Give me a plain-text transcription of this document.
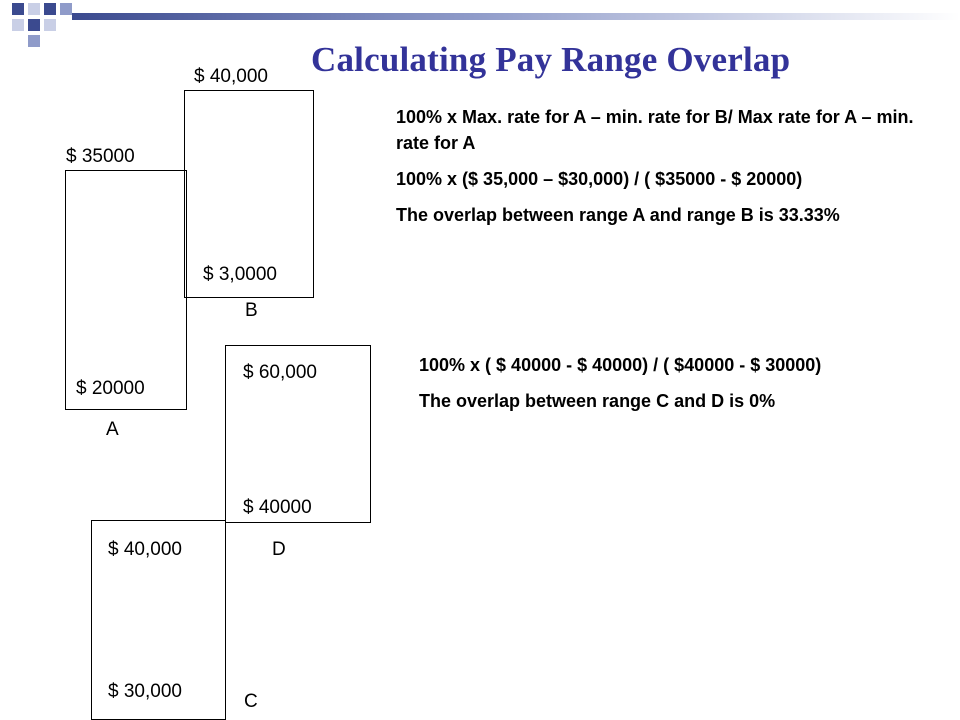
Calculating Pay Range Overlap
$ 40,000
$ 35000
$ 3,0000
B
$ 60,000
$ 20000
A
$ 40000
$ 40,000	D
$ 30,000	C

100% x Max. rate for A – min. rate for B/ Max rate for A – min. rate for A

100% x ($ 35,000 – $30,000) / ( $35000 - $ 20000)

The overlap between range A and range B is 33.33%

100% x ( $ 40000 - $ 40000) / ( $40000 - $ 30000)

The overlap between range C and D is 0%
